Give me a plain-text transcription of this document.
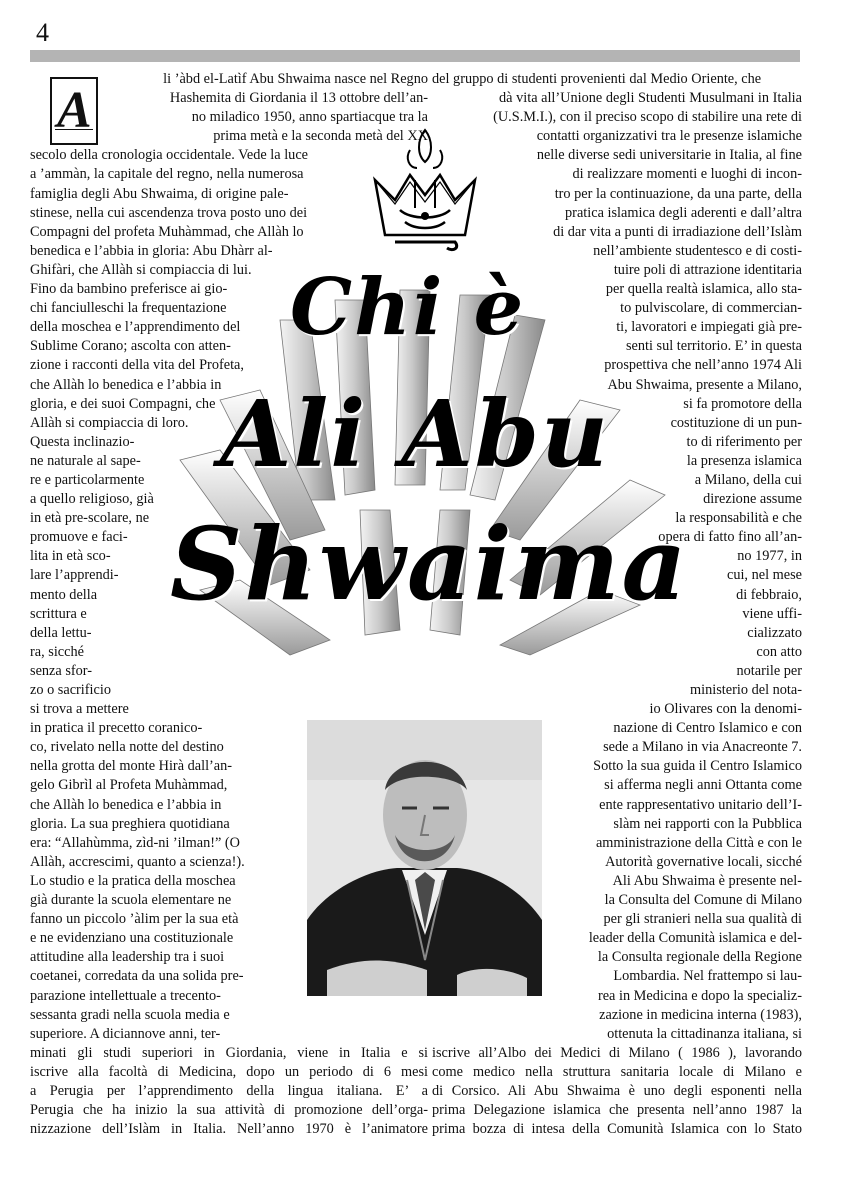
4
li ’àbd el-Latìf Abu Shwaima nasce nel Regno
Hashemita di Giordania il 13 ottobre dell’an-
no miladico 1950, anno spartiacque tra la
prima metà e la seconda metà del XX
secolo della cronologia occidentale. Vede la luce
a ’ammàn, la capitale del regno, nella numerosa
famiglia degli Abu Shwaima, di origine pale-
stinese, nella cui ascendenza trova posto uno dei
Compagni del profeta Muhàmmad, che Allàh lo
benedica e l’abbia in gloria: Abu Dhàrr al-
Ghifàri, che Allàh si compiaccia di lui.
Fino da bambino preferisce ai gio-
chi fanciulleschi la frequentazione
della moschea e l’apprendimento del
Sublime Corano; ascolta con atten-
zione i racconti della vita del Profeta,
che Allàh lo benedica e l’abbia in
gloria, e dei suoi Compagni, che
Allàh si compiaccia di loro.
Questa inclinazio-
ne naturale al sape-
re e particolarmente
a quello religioso, già
in età pre-scolare, ne
promuove e faci-
lita in età sco-
lare l’apprendi-
mento della
scrittura e
della lettu-
ra, sicché
senza sfor-
zo o sacrificio
si trova a mettere
in pratica il precetto coranico-
co, rivelato nella notte del destino
nella grotta del monte Hirà dall’an-
gelo Gibrìl al Profeta Muhàmmad,
che Allàh lo benedica e l’abbia in
gloria. La sua preghiera quotidiana
era: “Allahùmma, zìd-ni ’ilman!” (O
Allàh, accrescimi, quanto a scienza!).
Lo studio e la pratica della moschea
già durante la scuola elementare ne
fanno un piccolo ’àlim per la sua età
e ne evidenziano una costituzionale
attitudine alla leadership tra i suoi
coetanei, corredata da una solida pre-
parazione intellettuale a trecento-
sessanta gradi nella scuola media e
superiore. A diciannove anni, ter-
minati gli studi superiori in Giordania, viene in Italia e si
iscrive alla facoltà di Medicina, dopo un periodo di 6 mesi
a Perugia per l’apprendimento della lingua italiana. E’ a
Perugia che ha inizio la sua attività di promozione dell’orga-
nizzazione dell’Islàm in Italia. Nell’anno 1970 è l’animatore
del gruppo di studenti provenienti dal Medio Oriente, che
dà vita all’Unione degli Studenti Musulmani in Italia
(U.S.M.I.), con il preciso scopo di stabilire una rete di
contatti organizzativi tra le presenze islamiche
nelle diverse sedi universitarie in Italia, al fine
di realizzare momenti e luoghi di incon-
tro per la continuazione, da una parte, della
pratica islamica degli aderenti e dall’altra
di dar vita a punti di irradiazione dell’Islàm
nell’ambiente studentesco e di costi-
tuire poli di attrazione identitaria
per quella realtà islamica, allo sta-
to pulviscolare, di commercian-
ti, lavoratori e impiegati già pre-
senti sul territorio. E’ in questa
prospettiva che nell’anno 1974 Ali
Abu Shwaima, presente a Milano,
si fa promotore della
costituzione di un pun-
to di riferimento per
la presenza islamica
a Milano, della cui
direzione assume
la responsabilità e che
opera di fatto fino all’an-
no 1977, in
cui, nel mese
di febbraio,
viene uffi-
cializzato
con atto
notarile per
ministerio del nota-
io Olivares con la denomi-
nazione di Centro Islamico e con
sede a Milano in via Anacreonte 7.
Sotto la sua guida il Centro Islamico
si afferma negli anni Ottanta come
ente rappresentativo unitario dell’I-
slàm nei rapporti con la Pubblica
amministrazione della Città e con le
Autorità governative locali, sicché
Ali Abu Shwaima è presente nel-
la Consulta del Comune di Milano
per gli stranieri nella sua qualità di
leader della Comunità islamica e del-
la Consulta regionale della Regione
Lombardia. Nel frattempo si lau-
rea in Medicina e dopo la specializ-
zazione in medicina interna (1983),
ottenuta la cittadinanza italiana, si
iscrive all’Albo dei Medici di Milano ( 1986 ), lavorando
come medico nella struttura sanitaria locale di Milano e
di Corsico. Ali Abu Shwaima è uno degli esponenti nella
prima Delegazione islamica che presenta nell’anno 1987 la
prima bozza di intesa della Comunità Islamica con lo Stato
A
Chi è
Ali Abu
Shwaima
